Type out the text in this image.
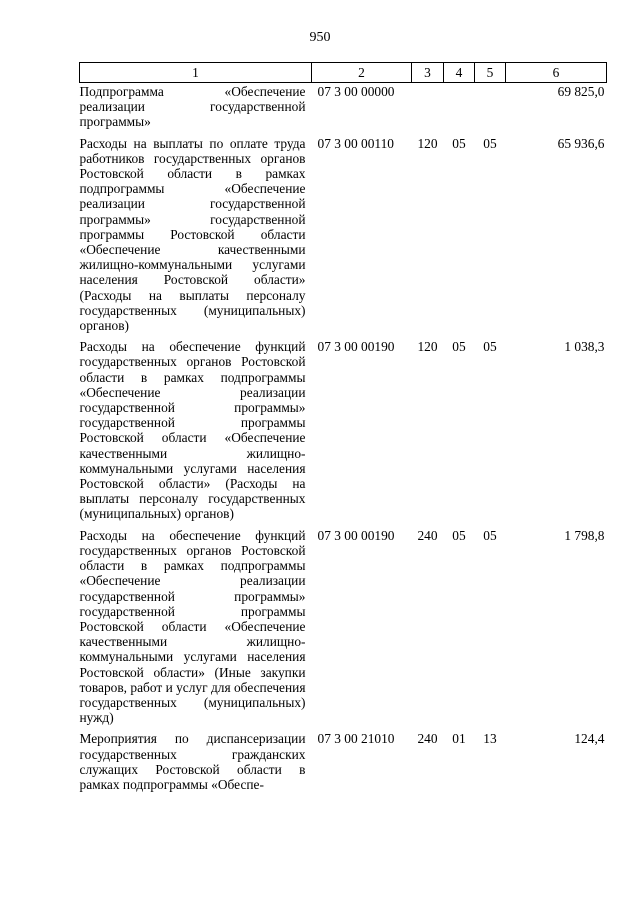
950
1	2	3	4	5	6
Подпрограмма «Обеспечение реализации государственной программы»	07 3 00 00000				69 825,0
Расходы на выплаты по оплате труда работников государственных органов Ростовской области в рамках подпрограммы «Обеспечение реализации государственной программы» государственной программы Ростовской области «Обеспечение качественными жилищно-коммунальными услугами населения Ростовской области» (Расходы на выплаты персоналу государственных (муниципальных) органов)	07 3 00 00110	120	05	05	65 936,6
Расходы на обеспечение функций государственных органов Ростовской области в рамках подпрограммы «Обеспечение реализации государственной программы» государственной программы Ростовской области «Обеспечение качественными жилищно-коммунальными услугами населения Ростовской области» (Расходы на выплаты персоналу государственных (муниципальных) органов)	07 3 00 00190	120	05	05	1 038,3
Расходы на обеспечение функций государственных органов Ростовской области в рамках подпрограммы «Обеспечение реализации государственной программы» государственной программы Ростовской области «Обеспечение качественными жилищно-коммунальными услугами населения Ростовской области» (Иные закупки товаров, работ и услуг для обеспечения государственных (муниципальных) нужд)	07 3 00 00190	240	05	05	1 798,8
Мероприятия по диспансеризации государственных гражданских служащих Ростовской области в рамках подпрограммы «Обеспе-	07 3 00 21010	240	01	13	124,4
